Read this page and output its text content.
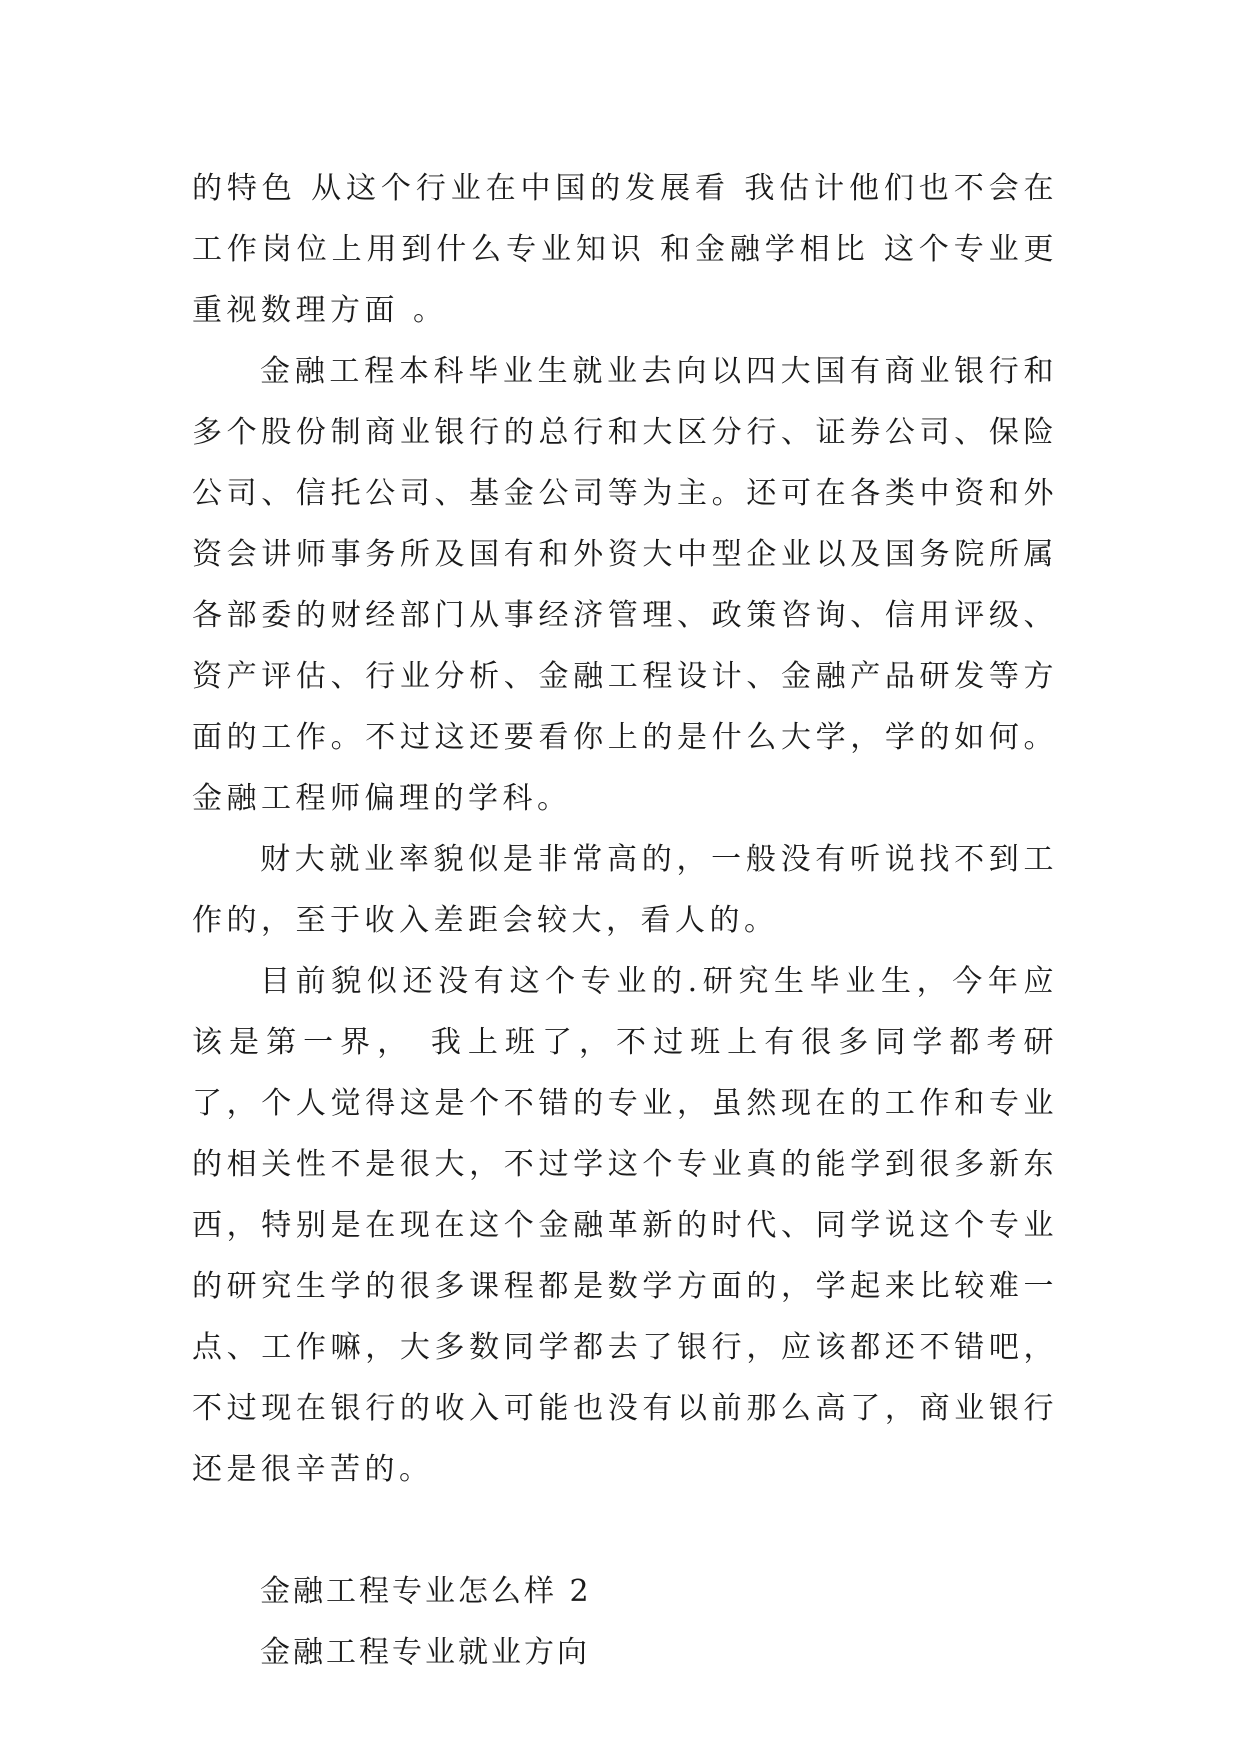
的特色 从这个行业在中国的发展看 我估计他们也不会在工作岗位上用到什么专业知识 和金融学相比 这个专业更重视数理方面 。

金融工程本科毕业生就业去向以四大国有商业银行和多个股份制商业银行的总行和大区分行、证券公司、保险公司、信托公司、基金公司等为主。还可在各类中资和外资会讲师事务所及国有和外资大中型企业以及国务院所属各部委的财经部门从事经济管理、政策咨询、信用评级、资产评估、行业分析、金融工程设计、金融产品研发等方面的工作。不过这还要看你上的是什么大学，学的如何。金融工程师偏理的学科。

财大就业率貌似是非常高的，一般没有听说找不到工作的，至于收入差距会较大，看人的。

目前貌似还没有这个专业的.研究生毕业生，今年应该是第一界， 我上班了，不过班上有很多同学都考研了，个人觉得这是个不错的专业，虽然现在的工作和专业的相关性不是很大，不过学这个专业真的能学到很多新东西，特别是在现在这个金融革新的时代、同学说这个专业的研究生学的很多课程都是数学方面的，学起来比较难一点、工作嘛，大多数同学都去了银行，应该都还不错吧，不过现在银行的收入可能也没有以前那么高了，商业银行还是很辛苦的。

金融工程专业怎么样 2

金融工程专业就业方向
